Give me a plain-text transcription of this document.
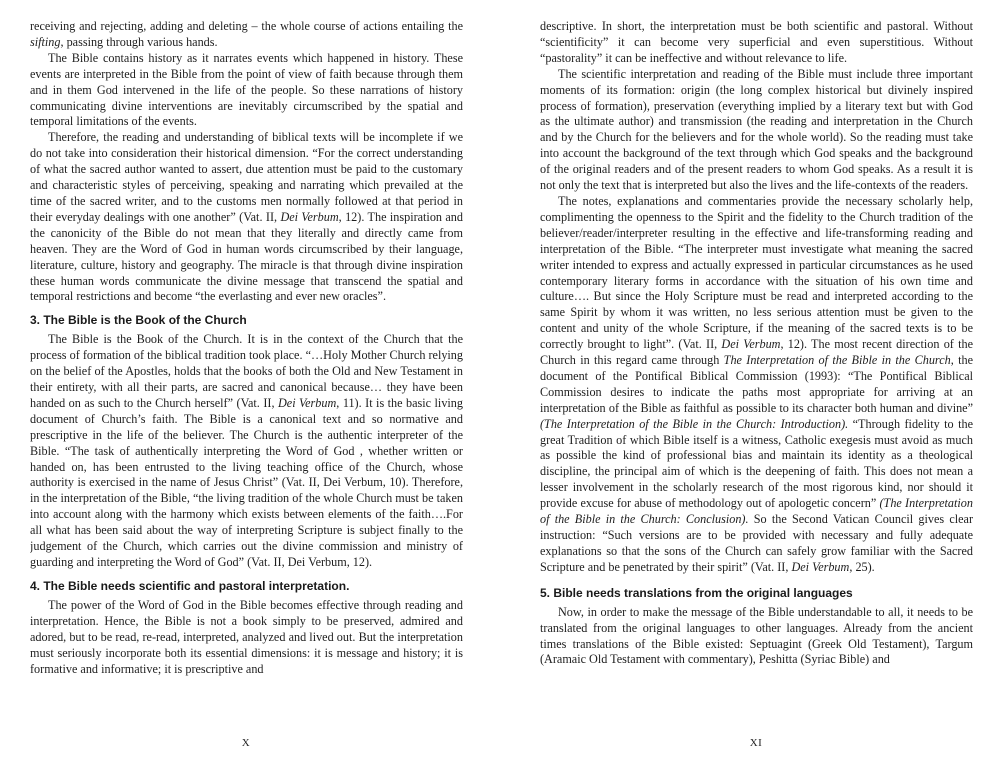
receiving and rejecting, adding and deleting – the whole course of actions entailing the sifting, passing through various hands.

The Bible contains history as it narrates events which happened in history. These events are interpreted in the Bible from the point of view of faith because through them and in them God intervened in the life of the people. So these narrations of history communicating divine interventions are inevitably circumscribed by the spatial and temporal limitations of the events.

Therefore, the reading and understanding of biblical texts will be incomplete if we do not take into consideration their historical dimension. “For the correct understanding of what the sacred author wanted to assert, due attention must be paid to the customary and characteristic styles of perceiving, speaking and narrating which prevailed at the time of the sacred writer, and to the customs men normally followed at that period in their everyday dealings with one another” (Vat. II, Dei Verbum, 12). The inspiration and the canonicity of the Bible do not mean that they literally and directly came from heaven. They are the Word of God in human words circumscribed by their language, literature, culture, history and geography. The miracle is that through divine inspiration these human words communicate the divine message that transcend the spatial and temporal restrictions and become “the everlasting and ever new oracles”.

3. The Bible is the Book of the Church

The Bible is the Book of the Church. It is in the context of the Church that the process of formation of the biblical tradition took place. “…Holy Mother Church relying on the belief of the Apostles, holds that the books of both the Old and New Testament in their entirety, with all their parts, are sacred and canonical because… they have been handed on as such to the Church herself” (Vat. II, Dei Verbum, 11). It is the basic living document of Church’s faith. The Bible is a canonical text and so normative and prescriptive in the life of the believer. The Church is the authentic interpreter of the Bible. “The task of authentically interpreting the Word of God , whether written or handed on, has been entrusted to the living teaching office of the Church, whose authority is exercised in the name of Jesus Christ” (Vat. II, Dei Verbum, 10). Therefore, in the interpretation of the Bible, “the living tradition of the whole Church must be taken into account along with the harmony which exists between elements of the faith….For all what has been said about the way of interpreting Scripture is subject finally to the judgement of the Church, which carries out the divine commission and ministry of guarding and interpreting the Word of God” (Vat. II, Dei Verbum, 12).

4. The Bible needs scientific and pastoral interpretation.

The power of the Word of God in the Bible becomes effective through reading and interpretation. Hence, the Bible is not a book simply to be preserved, admired and adored, but to be read, re-read, interpreted, analyzed and lived out. But the interpretation must seriously incorporate both its essential dimensions: it is message and history; it is formative and informative; it is prescriptive and

X

descriptive. In short, the interpretation must be both scientific and pastoral. Without “scientificity” it can become very superficial and even superstitious. Without “pastorality” it can be ineffective and without relevance to life.

The scientific interpretation and reading of the Bible must include three important moments of its formation: origin (the long complex historical but divinely inspired process of formation), preservation (everything implied by a literary text but with God as the ultimate author) and transmission (the reading and interpretation in the Church and by the Church for the believers and for the whole world). So the reading must take into account the background of the text through which God speaks and the background of the original readers and of the present readers to whom God speaks. As a result it is not only the text that is interpreted but also the lives and the life-contexts of the readers.

The notes, explanations and commentaries provide the necessary scholarly help, complimenting the openness to the Spirit and the fidelity to the Church tradition of the believer/reader/interpreter resulting in the effective and life-transforming reading and interpretation of the Bible. “The interpreter must investigate what meaning the sacred writer intended to express and actually expressed in particular circumstances as he used contemporary literary forms in accordance with the situation of his own time and culture…. But since the Holy Scripture must be read and interpreted according to the same Spirit by whom it was written, no less serious attention must be given to the content and unity of the whole Scripture, if the meaning of the sacred texts is to be correctly brought to light”. (Vat. II, Dei Verbum, 12). The most recent direction of the Church in this regard came through The Interpretation of the Bible in the Church, the document of the Pontifical Biblical Commission (1993): “The Pontifical Biblical Commission desires to indicate the paths most appropriate for arriving at an interpretation of the Bible as faithful as possible to its character both human and divine” (The Interpretation of the Bible in the Church: Introduction). “Through fidelity to the great Tradition of which Bible itself is a witness, Catholic exegesis must avoid as much as possible the kind of professional bias and maintain its identity as a theological discipline, the principal aim of which is the deepening of faith. This does not mean a lesser involvement in the scholarly research of the most rigorous kind, nor should it provide excuse for abuse of methodology out of apologetic concern” (The Interpretation of the Bible in the Church: Conclusion). So the Second Vatican Council gives clear instruction: “Such versions are to be provided with necessary and fully adequate explanations so that the sons of the Church can safely grow familiar with the Sacred Scripture and be penetrated by their spirit” (Vat. II, Dei Verbum, 25).

5. Bible needs translations from the original languages

Now, in order to make the message of the Bible understandable to all, it needs to be translated from the original languages to other languages. Already from the ancient times translations of the Bible existed: Septuagint (Greek Old Testament), Targum (Aramaic Old Testament with commentary), Peshitta (Syriac Bible) and

XI
